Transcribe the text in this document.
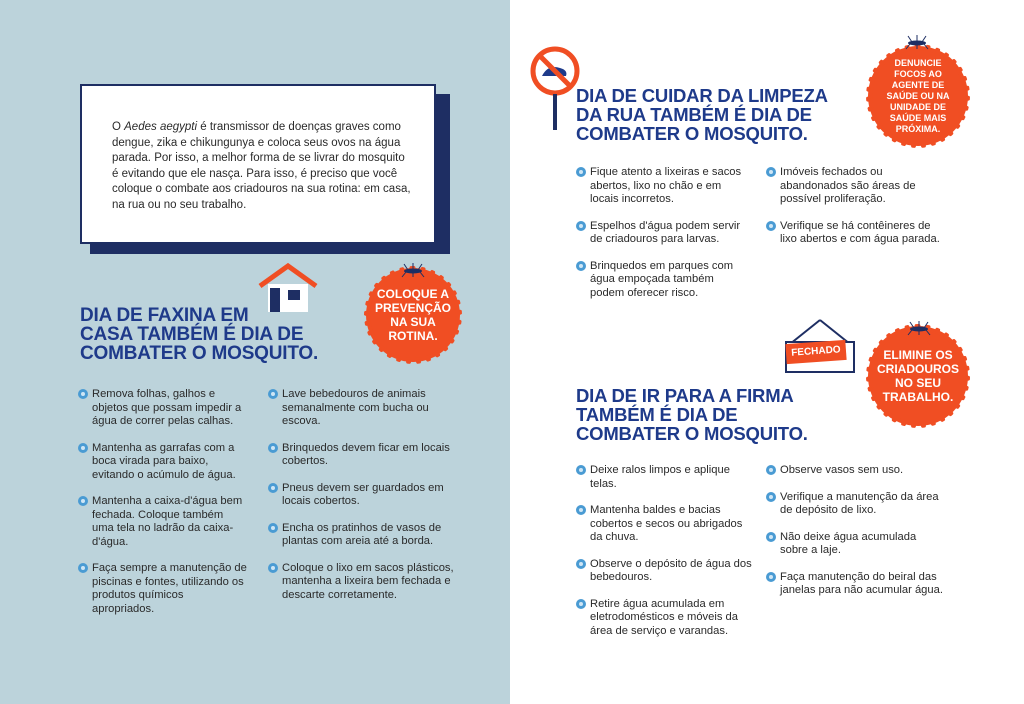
O Aedes aegypti é transmissor de doenças graves como dengue, zika e chikungunya e coloca seus ovos na água parada. Por isso, a melhor forma de se livrar do mosquito é evitando que ele nasça. Para isso, é preciso que você coloque o combate aos criadouros na sua rotina: em casa, na rua ou no seu trabalho.
DIA DE FAXINA EM
CASA TAMBÉM É DIA DE
COMBATER O MOSQUITO.
COLOQUE A PREVENÇÃO NA SUA ROTINA.
Remova folhas, galhos e objetos que possam impedir a água de correr pelas calhas.
Mantenha as garrafas com a boca virada para baixo, evitando o acúmulo de água.
Mantenha a caixa-d'água bem fechada. Coloque também uma tela no ladrão da caixa-d'água.
Faça sempre a manutenção de piscinas e fontes, utilizando os produtos químicos apropriados.
Lave bebedouros de animais semanalmente com bucha ou escova.
Brinquedos devem ficar em locais cobertos.
Pneus devem ser guardados em locais cobertos.
Encha os pratinhos de vasos de plantas com areia até a borda.
Coloque o lixo em sacos plásticos, mantenha a lixeira bem fechada e descarte corretamente.
DIA DE CUIDAR DA LIMPEZA
DA RUA TAMBÉM É DIA DE
COMBATER O MOSQUITO.
DENUNCIE FOCOS AO AGENTE DE SAÚDE OU NA UNIDADE DE SAÚDE MAIS PRÓXIMA.
Fique atento a lixeiras e sacos abertos, lixo no chão e em locais incorretos.
Espelhos d'água podem servir de criadouros para larvas.
Brinquedos em parques com água empoçada também podem oferecer risco.
Imóveis fechados ou abandonados são áreas de possível proliferação.
Verifique se há contêineres de lixo abertos e com água parada.
FECHADO
DIA DE IR PARA A FIRMA
TAMBÉM É DIA DE
COMBATER O MOSQUITO.
ELIMINE OS CRIADOUROS NO SEU TRABALHO.
Deixe ralos limpos e aplique telas.
Mantenha baldes e bacias cobertos e secos ou abrigados da chuva.
Observe o depósito de água dos bebedouros.
Retire água acumulada em eletrodomésticos e móveis da área de serviço e varandas.
Observe vasos sem uso.
Verifique a manutenção da área de depósito de lixo.
Não deixe água acumulada sobre a laje.
Faça manutenção do beiral das janelas para não acumular água.
